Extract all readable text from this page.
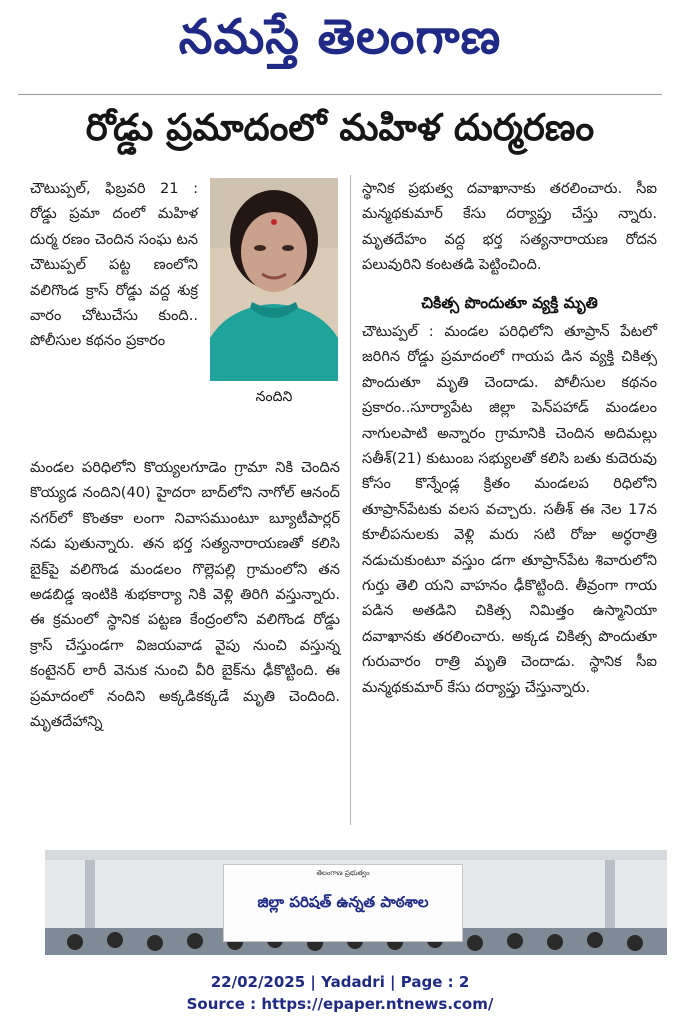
నమస్తే తెలంగాణ
రోడ్డు ప్రమాదంలో మహిళ దుర్మరణం
చౌటుప్పల్, ఫిబ్రవరి 21 : రోడ్డు ప్రమా దంలో మహిళ దుర్మ రణం చెందిన సంఘ టన చౌటుప్పల్ పట్ట ణంలోని వలిగొండ క్రాస్ రోడ్డు వద్ద శుక్ర వారం చోటుచేసు కుంది.. పోలీసుల కథనం ప్రకారం
నందిని
మండల పరిధిలోని కొయ్యలగూడెం గ్రామా నికి చెందిన కొయ్యడ నందిని(40) హైదరా బాద్‌లోని నాగోల్ ఆనంద్ నగర్‌లో కొంతకా లంగా నివాసముంటూ బ్యూటీపార్లర్ నడు పుతున్నారు. తన భర్త సత్యనారాయణతో కలిసి బైక్‌పై వలిగొండ మండలం గొల్లెపల్లి గ్రామంలోని తన అడబిడ్డ ఇంటికి శుభకార్యా నికి వెళ్లి తిరిగి వస్తున్నారు. ఈ క్రమంలో స్థానిక పట్టణ కేంద్రంలోని వలిగొండ రోడ్డు క్రాస్ చేస్తుండగా విజయవాడ వైపు నుంచి వస్తున్న కంటైనర్ లారీ వెనుక నుంచి వీరి బైక్‌ను ఢీకొట్టింది. ఈ ప్రమాదంలో నందిని అక్కడికక్కడే మృతి చెందింది. మృతదేహాన్ని
స్థానిక ప్రభుత్వ దవాఖానాకు తరలించారు. సీఐ మన్మథకుమార్ కేసు దర్యాప్తు చేస్తు న్నారు. మృతదేహం వద్ద భర్త సత్యనారాయణ రోదన పలువురిని కంటతడి పెట్టించింది.
చికిత్స పొందుతూ వ్యక్తి మృతి
చౌటుప్పల్ : మండల పరిధిలోని తూప్రాన్ పేటలో జరిగిన రోడ్డు ప్రమాదంలో గాయప డిన వ్యక్తి చికిత్స పొందుతూ మృతి చెందాడు. పోలీసుల కథనం ప్రకారం..సూర్యాపేట జిల్లా పెన్‌పహాడ్ మండలం నాగులపాటి అన్నారం గ్రామానికి చెందిన అదిమల్లు సతీశ్(21) కుటుంబ సభ్యులతో కలిసి బతు కుదెరువు కోసం కొన్నేండ్ల క్రితం మండలప రిధిలోని తూప్రాన్‌పేటకు వలస వచ్చారు. సతీశ్ ఈ నెల 17న కూలీపనులకు వెళ్లి మరు సటి రోజు అర్ధరాత్రి నడుచుకుంటూ వస్తుం డగా తూప్రాన్‌పేట శివారులోని గుర్తు తెలి యని వాహనం ఢీకొట్టింది. తీవ్రంగా గాయ పడిన అతడిని చికిత్స నిమిత్తం ఉస్మానియా దవాఖానకు తరలించారు. అక్కడ చికిత్స పొందుతూ గురువారం రాత్రి మృతి చెందాడు. స్థానిక సీఐ మన్మథకుమార్ కేసు దర్యాప్తు చేస్తున్నారు.
తెలంగాణ ప్రభుత్వం
జిల్లా పరిషత్ ఉన్నత పాఠశాల
22/02/2025 | Yadadri | Page : 2
Source : https://epaper.ntnews.com/
